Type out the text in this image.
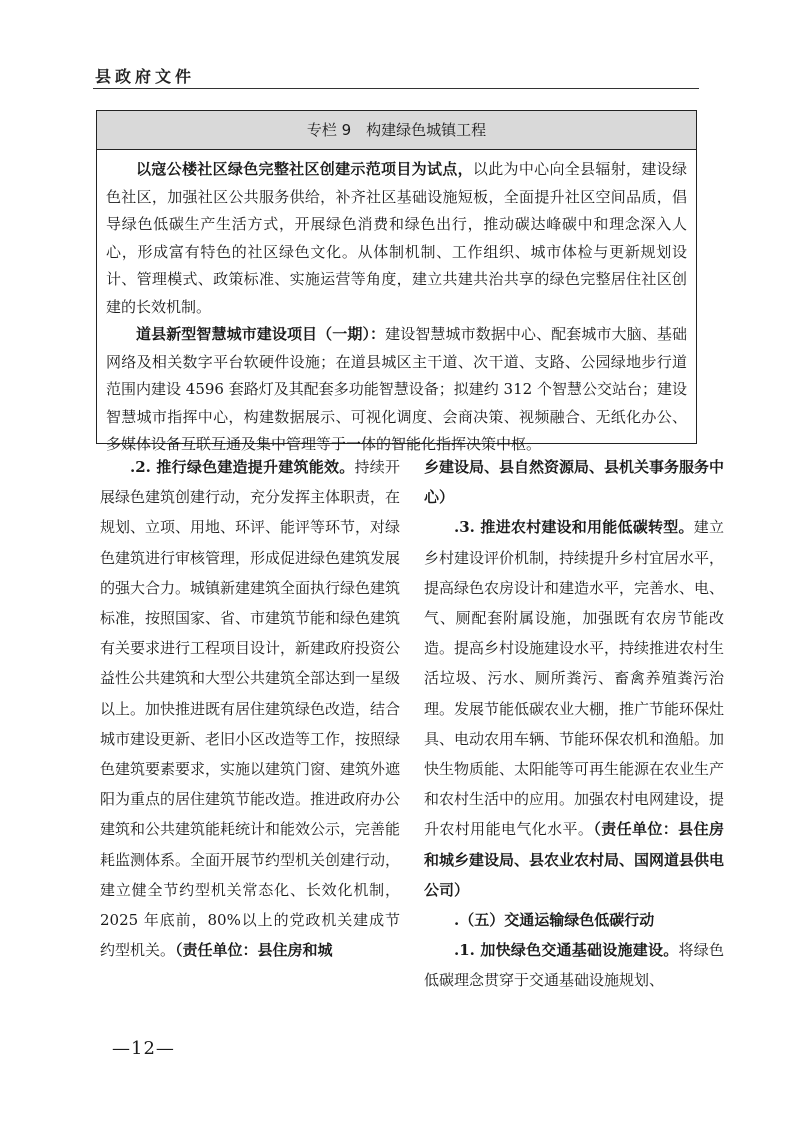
县政府文件
专栏 9　构建绿色城镇工程

以寇公楼社区绿色完整社区创建示范项目为试点，以此为中心向全县辐射，建设绿色社区，加强社区公共服务供给，补齐社区基础设施短板，全面提升社区空间品质，倡导绿色低碳生产生活方式，开展绿色消费和绿色出行，推动碳达峰碳中和理念深入人心，形成富有特色的社区绿色文化。从体制机制、工作组织、城市体检与更新规划设计、管理模式、政策标准、实施运营等角度，建立共建共治共享的绿色完整居住社区创建的长效机制。

道县新型智慧城市建设项目（一期）：建设智慧城市数据中心、配套城市大脑、基础网络及相关数字平台软硬件设施；在道县城区主干道、次干道、支路、公园绿地步行道范围内建设 4596 套路灯及其配套多功能智慧设备；拟建约 312 个智慧公交站台；建设智慧城市指挥中心，构建数据展示、可视化调度、会商决策、视频融合、无纸化办公、多媒体设备互联互通及集中管理等于一体的智能化指挥决策中枢。

.2. 推行绿色建造提升建筑能效。持续开展绿色建筑创建行动，充分发挥主体职责，在规划、立项、用地、环评、能评等环节，对绿色建筑进行审核管理，形成促进绿色建筑发展的强大合力。城镇新建建筑全面执行绿色建筑标准，按照国家、省、市建筑节能和绿色建筑有关要求进行工程项目设计，新建政府投资公益性公共建筑和大型公共建筑全部达到一星级以上。加快推进既有居住建筑绿色改造，结合城市建设更新、老旧小区改造等工作，按照绿色建筑要素要求，实施以建筑门窗、建筑外遮阳为重点的居住建筑节能改造。推进政府办公建筑和公共建筑能耗统计和能效公示，完善能耗监测体系。全面开展节约型机关创建行动，建立健全节约型机关常态化、长效化机制，2025 年底前，80%以上的党政机关建成节约型机关。（责任单位：县住房和城

乡建设局、县自然资源局、县机关事务服务中心）

.3. 推进农村建设和用能低碳转型。建立乡村建设评价机制，持续提升乡村宜居水平，提高绿色农房设计和建造水平，完善水、电、气、厕配套附属设施，加强既有农房节能改造。提高乡村设施建设水平，持续推进农村生活垃圾、污水、厕所粪污、畜禽养殖粪污治理。发展节能低碳农业大棚，推广节能环保灶具、电动农用车辆、节能环保农机和渔船。加快生物质能、太阳能等可再生能源在农业生产和农村生活中的应用。加强农村电网建设，提升农村用能电气化水平。（责任单位：县住房和城乡建设局、县农业农村局、国网道县供电公司）

.（五）交通运输绿色低碳行动

.1. 加快绿色交通基础设施建设。将绿色低碳理念贯穿于交通基础设施规划、

—12—
